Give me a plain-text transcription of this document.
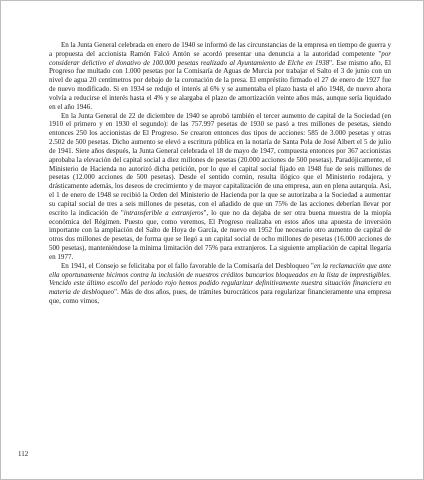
En la Junta General celebrada en enero de 1940 se informó de las circunstancias de la empresa en tiempo de guerra y a propuesta del accionista Ramón Falcó Antón se acordó presentar una denuncia a la autoridad competente "por considerar delictivo el donativo de 100.000 pesetas realizado al Ayuntamiento de Elche en 1938". Ese mismo año, El Progreso fue multado con 1.000 pesetas por la Comisaría de Aguas de Murcia por trabajar el Salto el 3 de junio con un nivel de agua 20 centímetros por debajo de la coronación de la presa. El empréstito firmado el 27 de enero de 1927 fue de nuevo modificado. Si en 1934 se redujo el interés al 6% y se aumentaba el plazo hasta el año 1948, de nuevo ahora volvía a reducirse el interés hasta el 4% y se alargaba el plazo de amortización veinte años más, aunque sería liquidado en el año 1946.

En la Junta General de 22 de diciembre de 1940 se aprobó también el tercer aumento de capital de la Sociedad (en 1910 el primero y en 1930 el segundo): de las 757.997 pesetas de 1930 se pasó a tres millones de pesetas, siendo entonces 250 los accionistas de El Progreso. Se crearon entonces dos tipos de acciones: 585 de 3.000 pesetas y otras 2.502 de 500 pesetas. Dicho aumento se elevó a escritura pública en la notaría de Santa Pola de José Albert el 5 de julio de 1941. Siete años después, la Junta General celebrada el 18 de mayo de 1947, compuesta entonces por 367 accionistas aprobaba la elevación del capital social a diez millones de pesetas (20.000 acciones de 500 pesetas). Paradójicamente, el Ministerio de Hacienda no autorizó dicha petición, por lo que el capital social fijado en 1948 fue de seis millones de pesetas (12.000 acciones de 500 pesetas). Desde el sentido común, resulta ilógico que el Ministerio rodajera, y drásticamente además, los deseos de crecimiento y de mayor capitalización de una empresa, aun en plena autarquía. Así, el 1 de enero de 1948 se recibió la Orden del Ministerio de Hacienda por la que se autorizaba a la Sociedad a aumentar su capital social de tres a seis millones de pesetas, con el añadido de que un 75% de las acciones deberían llevar por escrito la indicación de "intransferible a extranjeros", lo que no da dejaba de ser otra buena muestra de la miopía económica del Régimen. Puesto que, como veremos, El Progreso realizaba en estos años una apuesta de inversión importante con la ampliación del Salto de Hoya de García, de nuevo en 1952 fue necesario otro aumento de capital de otros dos millones de pesetas, de forma que se llegó a un capital social de ocho millones de pesetas (16.000 acciones de 500 pesetas), manteniéndose la mínima limitación del 75% para extranjeros. La siguiente ampliación de capital llegaría en 1977.

En 1941, el Consejo se felicitaba por el fallo favorable de la Comisaría del Desbloqueo "en la reclamación que ante ella oportunamente hicimos contra la inclusión de nuestros créditos bancarios bloqueados en la lista de imprestigibles. Vencido este último escollo del periodo rojo hemos podido regularizar definitivamente nuestra situación financiera en materia de desbloqueo". Más de dos años, pues, de trámites burocráticos para regularizar financieramente una empresa que, como vimos,

112
